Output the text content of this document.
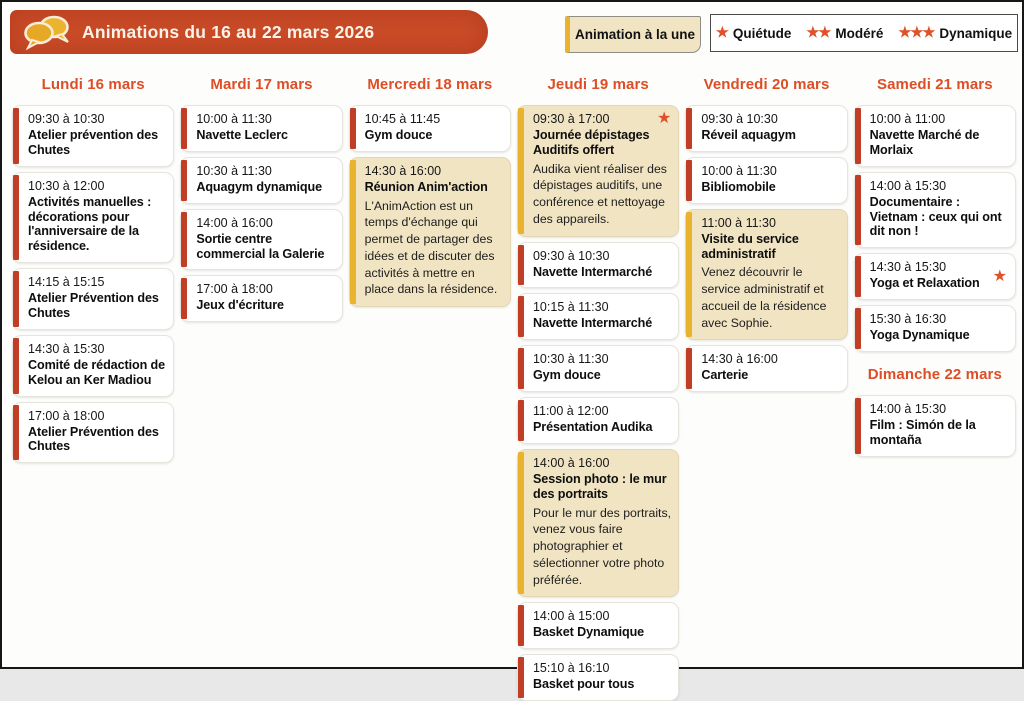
Animations du 16 au 22 mars 2026	Animation à la une ★ Quiétude ★★ Modéré ★★★ Dynamique
Lundi 16 mars
09:30 à 10:30
Atelier prévention des Chutes
10:30 à 12:00
Activités manuelles : décorations pour l'anniversaire de la résidence.
14:15 à 15:15
Atelier Prévention des Chutes
14:30 à 15:30
Comité de rédaction de Kelou an Ker Madiou
17:00 à 18:00
Atelier Prévention des Chutes
Mardi 17 mars
10:00 à 11:30
Navette Leclerc
10:30 à 11:30
Aquagym dynamique
14:00 à 16:00
Sortie centre commercial la Galerie
17:00 à 18:00
Jeux d'écriture
Mercredi 18 mars
10:45 à 11:45
Gym douce
14:30 à 16:00
Réunion Anim'action
L'AnimAction est un temps d'échange qui permet de partager des idées et de discuter des activités à mettre en place dans la résidence.
Jeudi 19 mars
★
09:30 à 17:00
Journée dépistages Auditifs offert
Audika vient réaliser des dépistages auditifs, une conférence et nettoyage des appareils.
09:30 à 10:30
Navette Intermarché
10:15 à 11:30
Navette Intermarché
10:30 à 11:30
Gym douce
11:00 à 12:00
Présentation Audika
14:00 à 16:00
Session photo : le mur des portraits
Pour le mur des portraits, venez vous faire photographier et sélectionner votre photo préférée.
14:00 à 15:00
Basket Dynamique
15:10 à 16:10
Basket pour tous
Vendredi 20 mars
09:30 à 10:30
Réveil aquagym
10:00 à 11:30
Bibliomobile
11:00 à 11:30
Visite du service administratif
Venez découvrir le service administratif et accueil de la résidence avec Sophie.
14:30 à 16:00
Carterie
Samedi 21 mars
10:00 à 11:00
Navette Marché de Morlaix
14:00 à 15:30
Documentaire : Vietnam : ceux qui ont dit non !
★
14:30 à 15:30
Yoga et Relaxation
15:30 à 16:30
Yoga Dynamique
Dimanche 22 mars
14:00 à 15:30
Film : Simón de la montaña
